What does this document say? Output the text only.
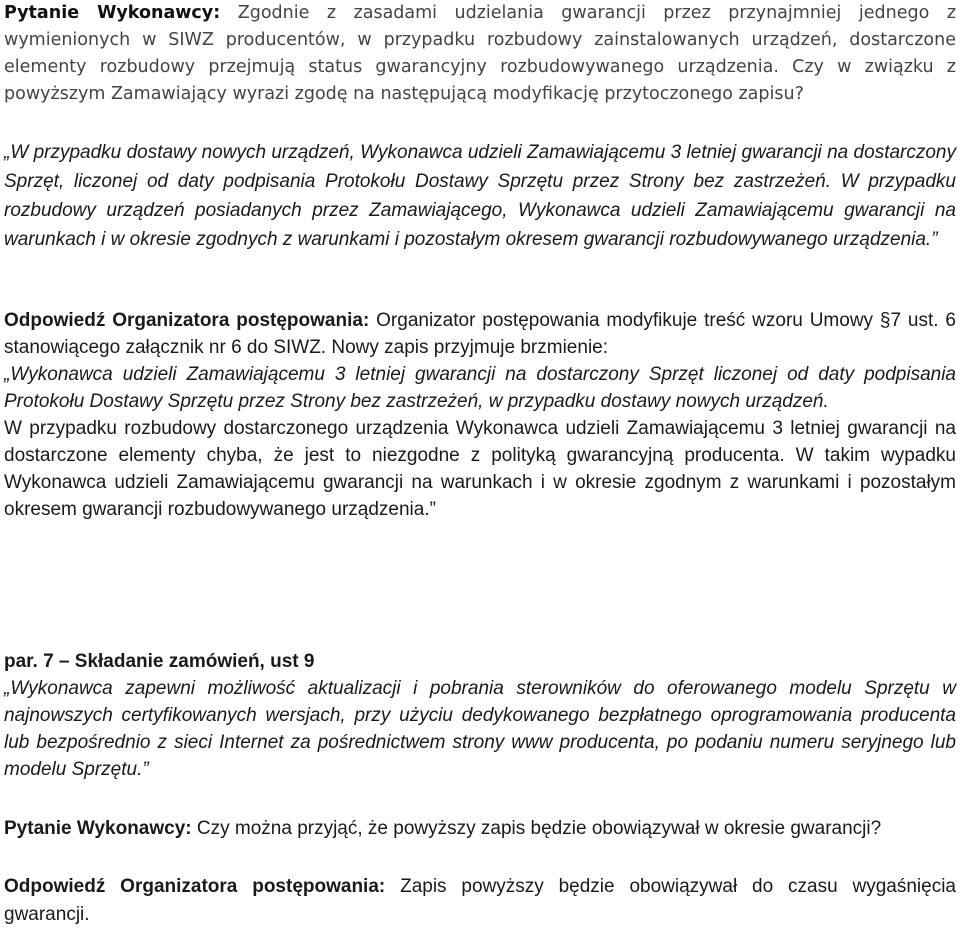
Pytanie Wykonawcy: Zgodnie z zasadami udzielania gwarancji przez przynajmniej jednego z wymienionych w SIWZ producentów, w przypadku rozbudowy zainstalowanych urządzeń, dostarczone elementy rozbudowy przejmują status gwarancyjny rozbudowywanego urządzenia. Czy w związku z powyższym Zamawiający wyrazi zgodę na następującą modyfikację przytoczonego zapisu?

„W przypadku dostawy nowych urządzeń, Wykonawca udzieli Zamawiającemu 3 letniej gwarancji na dostarczony Sprzęt, liczonej od daty podpisania Protokołu Dostawy Sprzętu przez Strony bez zastrzeżeń. W przypadku rozbudowy urządzeń posiadanych przez Zamawiającego, Wykonawca udzieli Zamawiającemu gwarancji na warunkach i w okresie zgodnych z warunkami i pozostałym okresem gwarancji rozbudowywanego urządzenia.”

Odpowiedź Organizatora postępowania: Organizator postępowania modyfikuje treść wzoru Umowy §7 ust. 6 stanowiącego załącznik nr 6 do SIWZ. Nowy zapis przyjmuje brzmienie:

„Wykonawca udzieli Zamawiającemu 3 letniej gwarancji na dostarczony Sprzęt liczonej od daty podpisania Protokołu Dostawy Sprzętu przez Strony bez zastrzeżeń, w przypadku dostawy nowych urządzeń.

W przypadku rozbudowy dostarczonego urządzenia Wykonawca udzieli Zamawiającemu 3 letniej gwarancji na dostarczone elementy chyba, że jest to niezgodne z polityką gwarancyjną producenta. W takim wypadku Wykonawca udzieli Zamawiającemu gwarancji na warunkach i w okresie zgodnym z warunkami i pozostałym okresem gwarancji rozbudowywanego urządzenia.”

par. 7 – Składanie zamówień, ust 9

„Wykonawca zapewni możliwość aktualizacji i pobrania sterowników do oferowanego modelu Sprzętu w najnowszych certyfikowanych wersjach, przy użyciu dedykowanego bezpłatnego oprogramowania producenta lub bezpośrednio z sieci Internet za pośrednictwem strony www producenta, po podaniu numeru seryjnego lub modelu Sprzętu.”

Pytanie Wykonawcy: Czy można przyjąć, że powyższy zapis będzie obowiązywał w okresie gwarancji?

Odpowiedź Organizatora postępowania: Zapis powyższy będzie obowiązywał do czasu wygaśnięcia gwarancji.
